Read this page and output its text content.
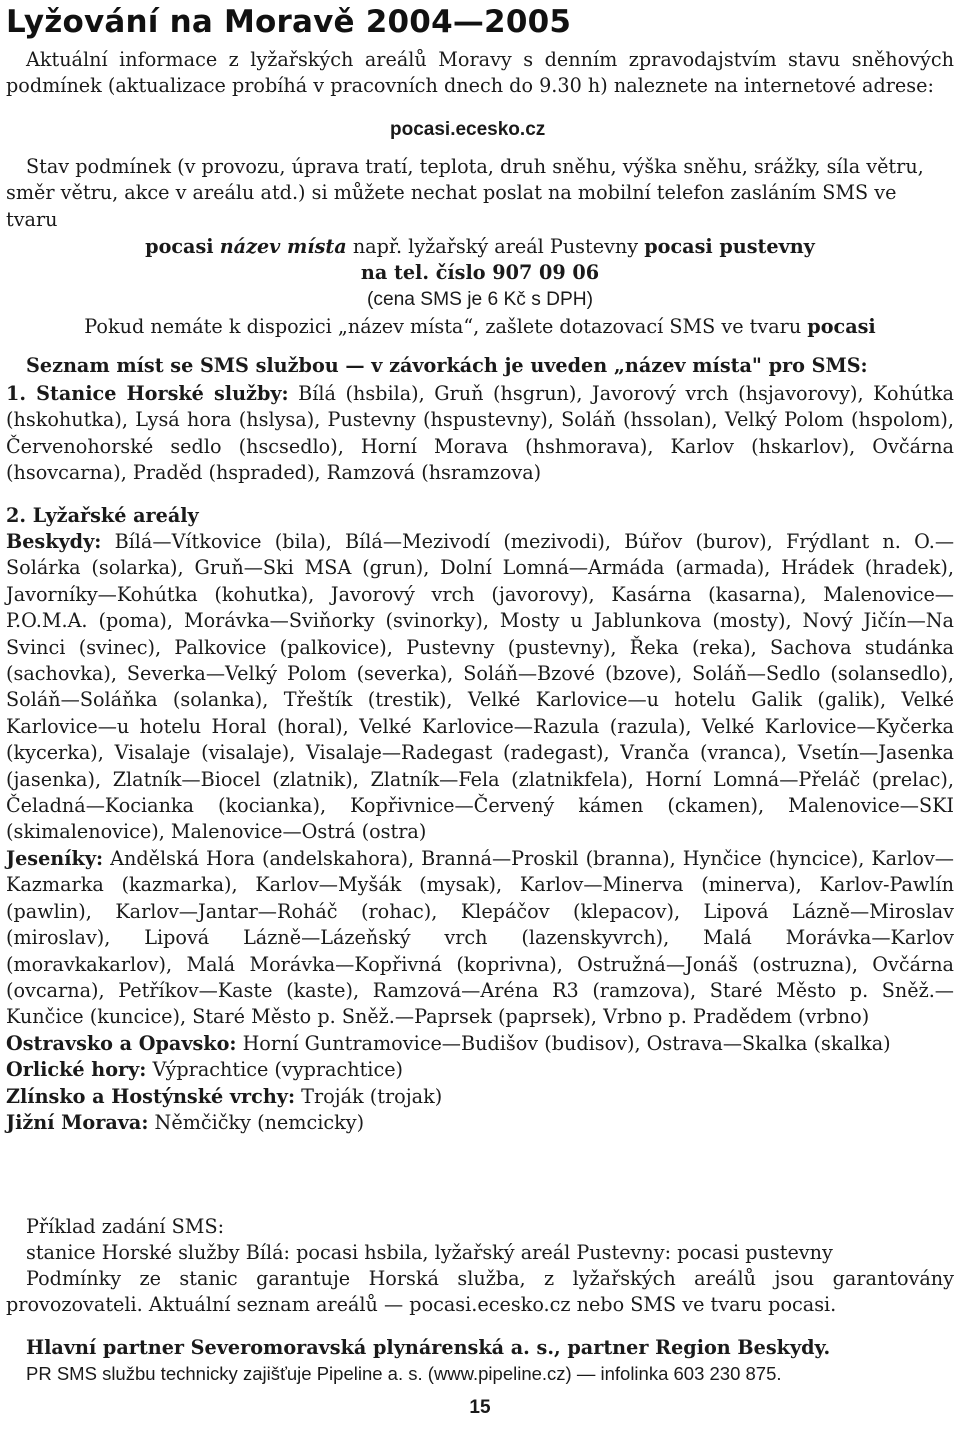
Lyžování na Moravě 2004—2005

Aktuální informace z lyžařských areálů Moravy s denním zpravodajstvím stavu sněhových podmínek (aktualizace probíhá v pracovních dnech do 9.30 h) naleznete na internetové adrese:

pocasi.ecesko.cz

Stav podmínek (v provozu, úprava tratí, teplota, druh sněhu, výška sněhu, srážky, síla větru, směr větru, akce v areálu atd.) si můžete nechat poslat na mobilní telefon zasláním SMS ve tvaru

pocasi název místa např. lyžařský areál Pustevny pocasi pustevny
na tel. číslo 907 09 06
(cena SMS je 6 Kč s DPH)
Pokud nemáte k dispozici „název místa“, zašlete dotazovací SMS ve tvaru pocasi
Seznam míst se SMS službou — v závorkách je uveden „název místa" pro SMS:

1. Stanice Horské služby: Bílá (hsbila), Gruň (hsgrun), Javorový vrch (hsjavorovy), Kohútka (hskohutka), Lysá hora (hslysa), Pustevny (hspustevny), Soláň (hssolan), Velký Polom (hspolom), Červenohorské sedlo (hscsedlo), Horní Morava (hshmorava), Karlov (hskarlov), Ovčárna (hsovcarna), Praděd (hspraded), Ramzová (hsramzova)

2. Lyžařské areály

Beskydy: Bílá—Vítkovice (bila), Bílá—Mezivodí (mezivodi), Búřov (burov), Frýdlant n. O.—Solárka (solarka), Gruň—Ski MSA (grun), Dolní Lomná—Armáda (armada), Hrádek (hradek), Javorníky—Kohútka (kohutka), Javorový vrch (javorovy), Kasárna (kasarna), Malenovice—P.O.M.A. (poma), Morávka—Sviňorky (svinorky), Mosty u Jablunkova (mosty), Nový Jičín—Na Svinci (svinec), Palkovice (palkovice), Pustevny (pustevny), Řeka (reka), Sachova studánka (sachovka), Severka—Velký Polom (severka), Soláň—Bzové (bzove), Soláň—Sedlo (solansedlo), Soláň—Soláňka (solanka), Třeštík (trestik), Velké Karlovice—u hotelu Galik (galik), Velké Karlovice—u hotelu Horal (horal), Velké Karlovice—Razula (razula), Velké Karlovice—Kyčerka (kycerka), Visalaje (visalaje), Visalaje—Radegast (radegast), Vranča (vranca), Vsetín—Jasenka (jasenka), Zlatník—Biocel (zlatnik), Zlatník—Fela (zlatnikfela), Horní Lomná—Přeláč (prelac), Čeladná—Kocianka (kocianka), Kopřivnice—Červený kámen (ckamen), Malenovice—SKI (skimalenovice), Malenovice—Ostrá (ostra)

Jeseníky: Andělská Hora (andelskahora), Branná—Proskil (branna), Hynčice (hyncice), Karlov—Kazmarka (kazmarka), Karlov—Myšák (mysak), Karlov—Minerva (minerva), Karlov-Pawlín (pawlin), Karlov—Jantar—Roháč (rohac), Klepáčov (klepacov), Lipová Lázně—Miroslav (miroslav), Lipová Lázně—Lázeňský vrch (lazenskyvrch), Malá Morávka—Karlov (moravkakarlov), Malá Morávka—Kopřivná (koprivna), Ostružná—Jonáš (ostruzna), Ovčárna (ovcarna), Petříkov—Kaste (kaste), Ramzová—Aréna R3 (ramzova), Staré Město p. Sněž.—Kunčice (kuncice), Staré Město p. Sněž.—Paprsek (paprsek), Vrbno p. Pradědem (vrbno)

Ostravsko a Opavsko: Horní Guntramovice—Budišov (budisov), Ostrava—Skalka (skalka)

Orlické hory: Výprachtice (vyprachtice)

Zlínsko a Hostýnské vrchy: Troják (trojak)

Jižní Morava: Němčičky (nemcicky)

Příklad zadání SMS:
stanice Horské služby Bílá: pocasi hsbila, lyžařský areál Pustevny: pocasi pustevny

Podmínky ze stanic garantuje Horská služba, z lyžařských areálů jsou garantovány provozovateli. Aktuální seznam areálů — pocasi.ecesko.cz nebo SMS ve tvaru pocasi.

Hlavní partner Severomoravská plynárenská a. s., partner Region Beskydy.
PR SMS službu technicky zajišťuje Pipeline a. s. (www.pipeline.cz) — infolinka 603 230 875.
15
